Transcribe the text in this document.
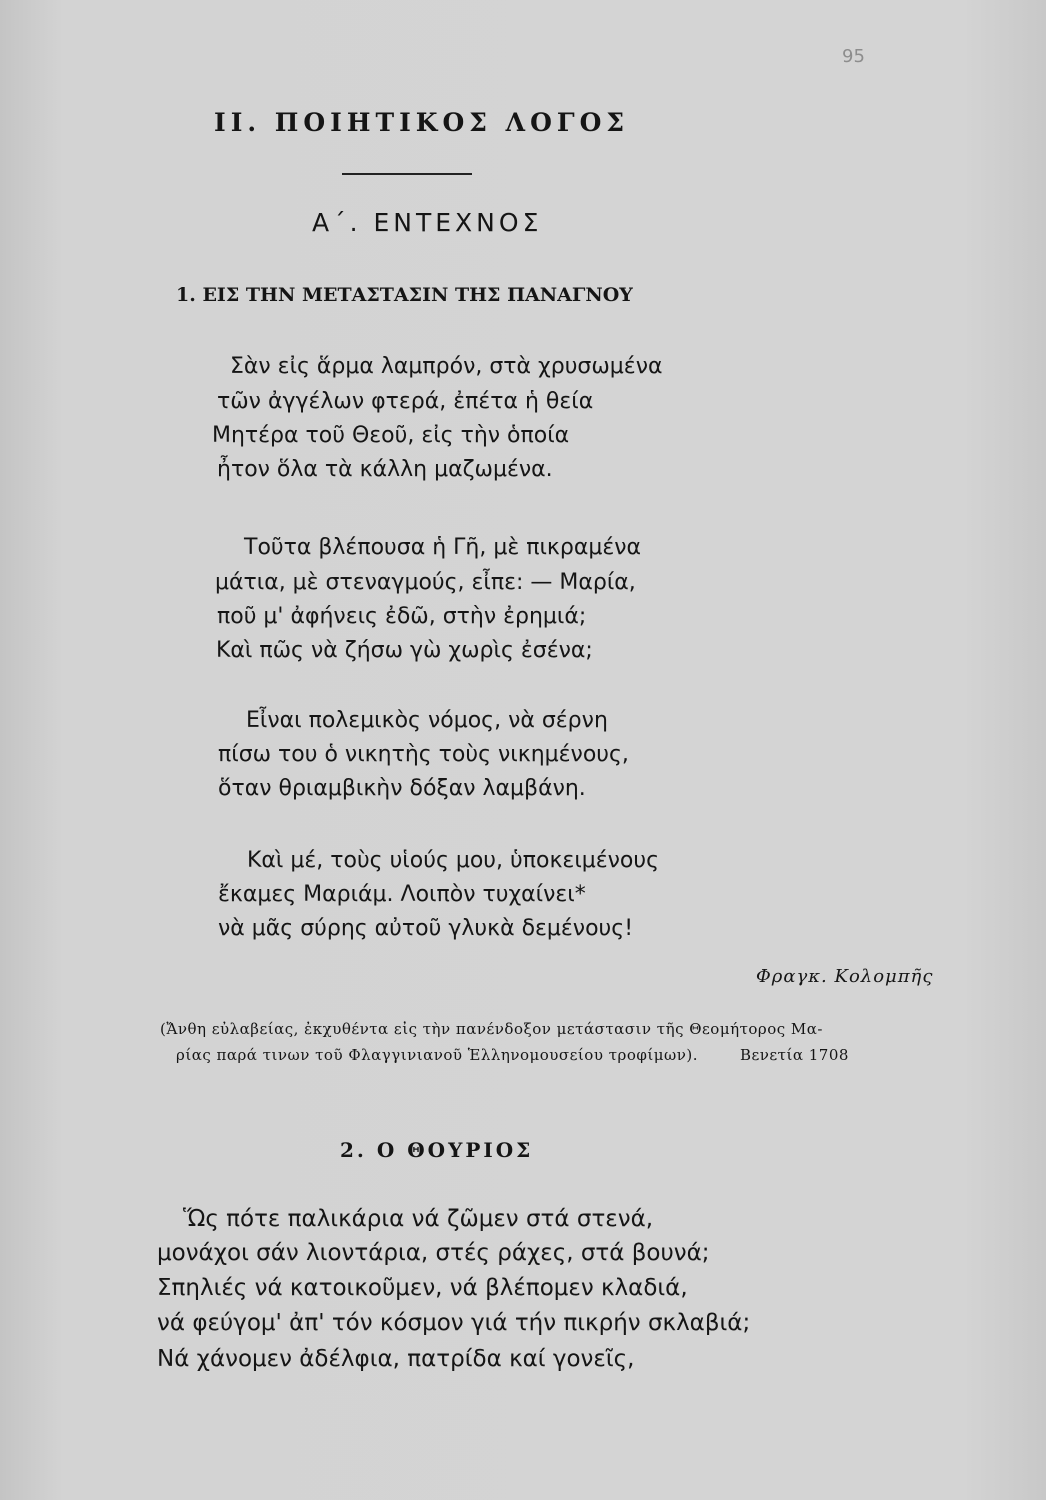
95
II. ΠΟΙΗΤΙΚΟΣ ΛΟΓΟΣ
Α΄. ΕΝΤΕΧΝΟΣ
1. ΕΙΣ ΤΗΝ ΜΕΤΑΣΤΑΣΙΝ ΤΗΣ ΠΑΝΑΓΝΟΥ
Σὰν εἰς ἅρμα λαμπρόν, στὰ χρυσωμένα
τῶν ἀγγέλων φτερά, ἐπέτα ἡ θεία
Μητέρα τοῦ Θεοῦ, εἰς τὴν ὁποία
ἦτον ὅλα τὰ κάλλη μαζωμένα.
Τοῦτα βλέπουσα ἡ Γῆ, μὲ πικραμένα
μάτια, μὲ στεναγμούς, εἶπε: — Μαρία,
ποῦ μ' ἀφήνεις ἐδῶ, στὴν ἐρημιά;
Καὶ πῶς νὰ ζήσω γὼ χωρὶς ἐσένα;
Εἶναι πολεμικὸς νόμος, νὰ σέρνη
πίσω του ὁ νικητὴς τοὺς νικημένους,
ὅταν θριαμβικὴν δόξαν λαμβάνη.
Καὶ μέ, τοὺς υἱούς μου, ὑποκειμένους
ἔκαμες Μαριάμ. Λοιπὸν τυχαίνει*
νὰ μᾶς σύρης αὐτοῦ γλυκὰ δεμένους!
Φραγκ. Κολομπῆς
(Ἄνθη εὐλαβείας, ἐκχυθέντα εἰς τὴν πανένδοξον μετάστασιν τῆς Θεομήτορος Μα-
ρίας παρά τινων τοῦ Φλαγγινιανοῦ Ἑλληνομουσείου τροφίμων).	Βενετία 1708
2. Ο ΘΟΥΡΙΟΣ
Ὥς πότε παλικάρια νά ζῶμεν στά στενά,
μονάχοι σάν λιοντάρια, στές ράχες, στά βουνά;
Σπηλιές νά κατοικοῦμεν, νά βλέπομεν κλαδιά,
νά φεύγομ' ἀπ' τόν κόσμον γιά τήν πικρήν σκλαβιά;
Νά χάνομεν ἀδέλφια, πατρίδα καί γονεῖς,
